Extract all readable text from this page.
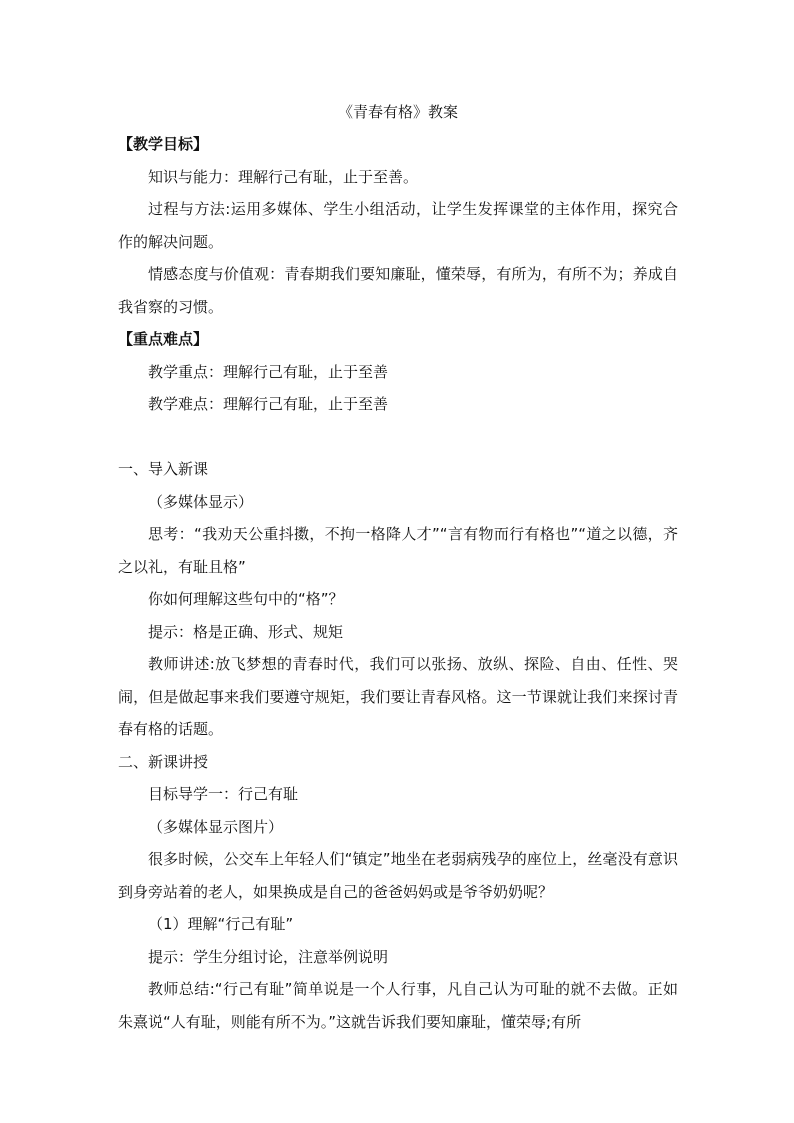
《青春有格》教案
【教学目标】

知识与能力：理解行己有耻，止于至善。

过程与方法:运用多媒体、学生小组活动，让学生发挥课堂的主体作用，探究合作的解决问题。

情感态度与价值观：青春期我们要知廉耻，懂荣辱，有所为，有所不为；养成自我省察的习惯。

【重点难点】

教学重点：理解行己有耻，止于至善

教学难点：理解行己有耻，止于至善

一、导入新课

（多媒体显示）

思考：“我劝天公重抖擞，不拘一格降人才”“言有物而行有格也”“道之以德，齐之以礼，有耻且格”

你如何理解这些句中的“格”？

提示：格是正确、形式、规矩

教师讲述:放飞梦想的青春时代，我们可以张扬、放纵、探险、自由、任性、哭闹，但是做起事来我们要遵守规矩，我们要让青春风格。这一节课就让我们来探讨青春有格的话题。

二、新课讲授

目标导学一：行己有耻

（多媒体显示图片）

很多时候，公交车上年轻人们“镇定”地坐在老弱病残孕的座位上，丝毫没有意识到身旁站着的老人，如果换成是自己的爸爸妈妈或是爷爷奶奶呢？

（1）理解“行己有耻”

提示：学生分组讨论，注意举例说明

教师总结:“行己有耻”简单说是一个人行事，凡自己认为可耻的就不去做。正如朱熹说“人有耻，则能有所不为。”这就告诉我们要知廉耻，懂荣辱;有所
